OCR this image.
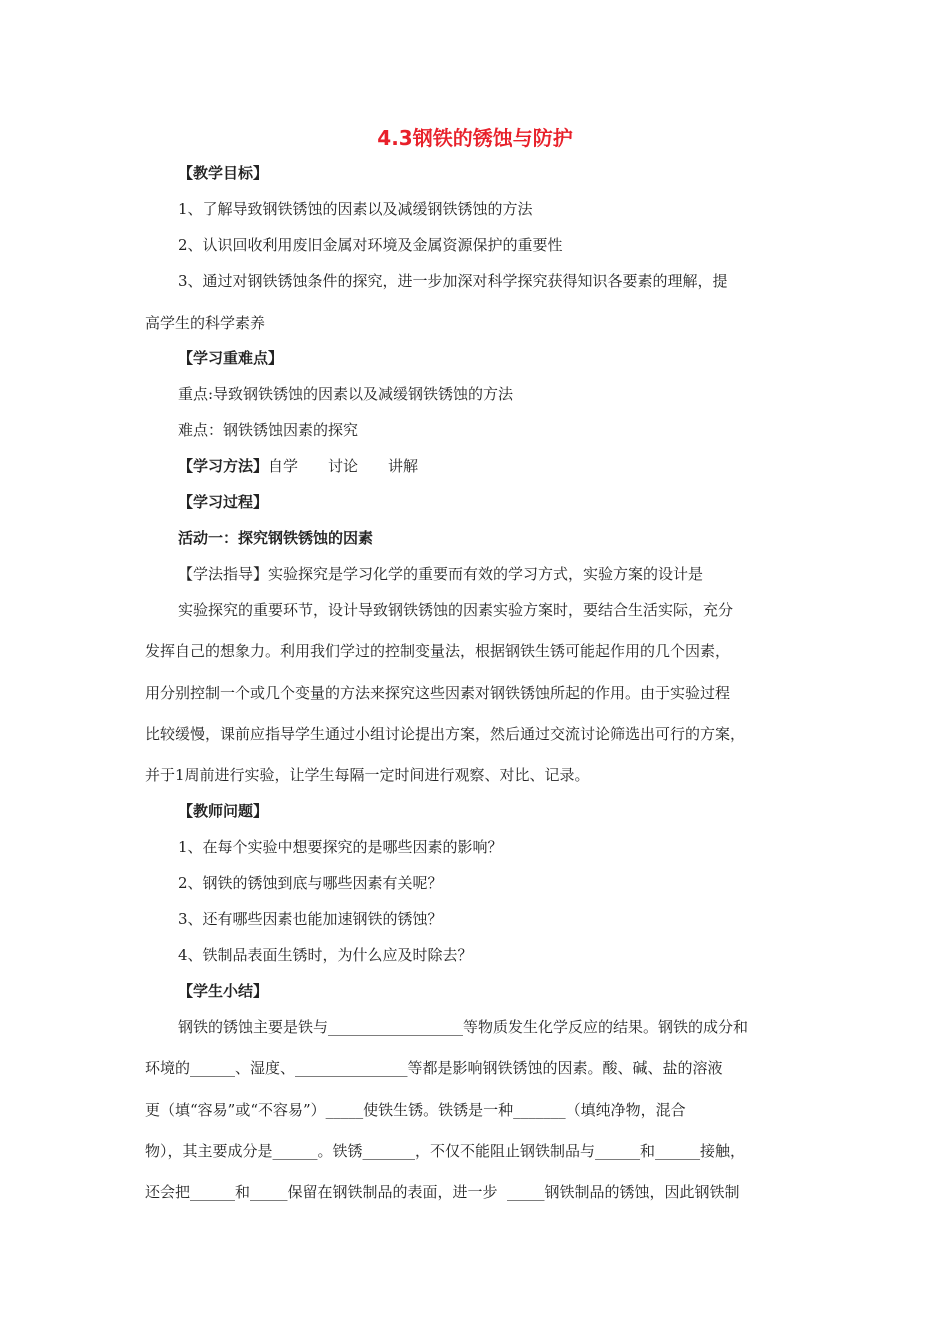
4.3钢铁的锈蚀与防护
【教学目标】
1、了解导致钢铁锈蚀的因素以及减缓钢铁锈蚀的方法
2、认识回收利用废旧金属对环境及金属资源保护的重要性
3、通过对钢铁锈蚀条件的探究，进一步加深对科学探究获得知识各要素的理解，提
高学生的科学素养
【学习重难点】
重点:导致钢铁锈蚀的因素以及减缓钢铁锈蚀的方法
难点：钢铁锈蚀因素的探究
【学习方法】自学　　讨论　　讲解
【学习过程】
活动一：探究钢铁锈蚀的因素
【学法指导】实验探究是学习化学的重要而有效的学习方式，实验方案的设计是
实验探究的重要环节，设计导致钢铁锈蚀的因素实验方案时，要结合生活实际，充分
发挥自己的想象力。利用我们学过的控制变量法，根据钢铁生锈可能起作用的几个因素，
用分别控制一个或几个变量的方法来探究这些因素对钢铁锈蚀所起的作用。由于实验过程
比较缓慢，课前应指导学生通过小组讨论提出方案，然后通过交流讨论筛选出可行的方案，
并于1周前进行实验，让学生每隔一定时间进行观察、对比、记录。
【教师问题】
1、在每个实验中想要探究的是哪些因素的影响？
2、钢铁的锈蚀到底与哪些因素有关呢？
3、还有哪些因素也能加速钢铁的锈蚀？
4、铁制品表面生锈时，为什么应及时除去？
【学生小结】
钢铁的锈蚀主要是铁与__________________等物质发生化学反应的结果。钢铁的成分和
环境的______、湿度、_______________等都是影响钢铁锈蚀的因素。酸、碱、盐的溶液
更（填“容易”或“不容易”）_____使铁生锈。铁锈是一种_______（填纯净物，混合
物），其主要成分是______。铁锈_______，不仅不能阻止钢铁制品与______和______接触，
还会把______和_____保留在钢铁制品的表面，进一步  _____钢铁制品的锈蚀，因此钢铁制
